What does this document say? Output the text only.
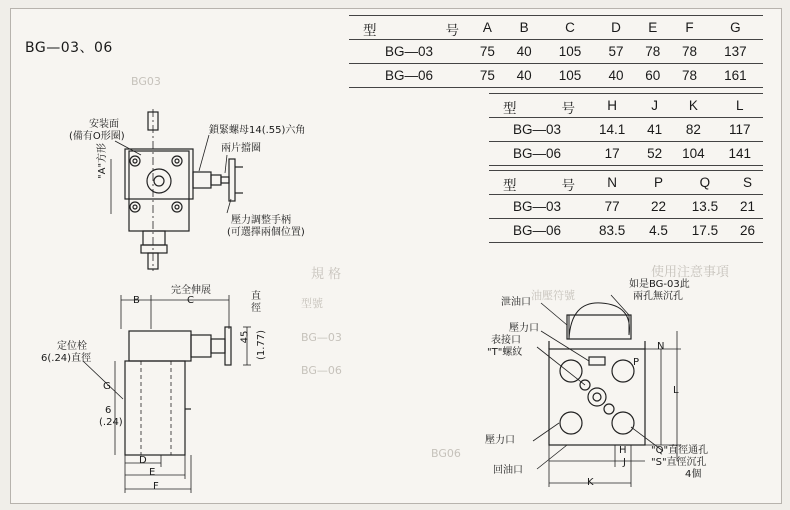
使用注意事項
規 格
型號
BG—03
BG—06
BG03
BG06
油壓符號
BG—03、06
型 号	A	B	C	D	E	F	G
BG—03	75	40	105	57	78	78	137
BG—06	75	40	105	40	60	78	161
型 号	H	J	K	L
BG—03	14.1	41	82	117
BG—06	17	52	104	141
型 号	N	P	Q	S
BG—03	77	22	13.5	21
BG—06	83.5	4.5	17.5	26
安装面
(備有O形圈)
鎖緊螺母14(.55)六角
兩片擋圈
"A"方形
壓力調整手柄
(可選擇兩個位置)
完全伸展
B	C	直徑
45 (1.77)
定位栓
6(.24)直徑
G
6
(.24)
D
E
F
如是BG-03此
兩孔無沉孔
泄油口
壓力口
表接口
"T"螺紋
N
P
L
壓力口
H "Q"直徑通孔
"S"直徑沉孔
J
4個
回油口
K
